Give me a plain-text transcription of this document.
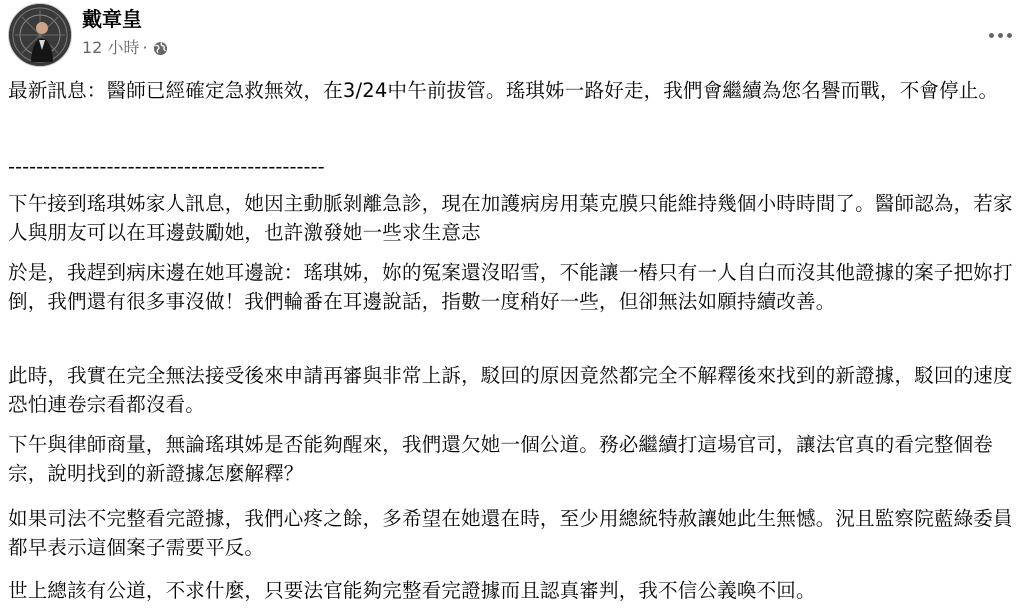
戴章皇
12 小時 ·

最新訊息：醫師已經確定急救無效，在3/24中午前拔管。瑤琪姊一路好走，我們會繼續為您名譽而戰，不會停止。

---------------------------------------------

下午接到瑤琪姊家人訊息，她因主動脈剝離急診，現在加護病房用葉克膜只能維持幾個小時時間了。醫師認為，若家人與朋友可以在耳邊鼓勵她，也許激發她一些求生意志

於是，我趕到病床邊在她耳邊說：瑤琪姊，妳的冤案還沒昭雪，不能讓一樁只有一人自白而沒其他證據的案子把妳打倒，我們還有很多事沒做！我們輪番在耳邊說話，指數一度稍好一些，但卻無法如願持續改善。

此時，我實在完全無法接受後來申請再審與非常上訴，駁回的原因竟然都完全不解釋後來找到的新證據，駁回的速度恐怕連卷宗看都沒看。

下午與律師商量，無論瑤琪姊是否能夠醒來，我們還欠她一個公道。務必繼續打這場官司，讓法官真的看完整個卷宗，說明找到的新證據怎麼解釋？

如果司法不完整看完證據，我們心疼之餘，多希望在她還在時，至少用總統特赦讓她此生無憾。況且監察院藍綠委員都早表示這個案子需要平反。

世上總該有公道，不求什麼，只要法官能夠完整看完證據而且認真審判，我不信公義喚不回。
